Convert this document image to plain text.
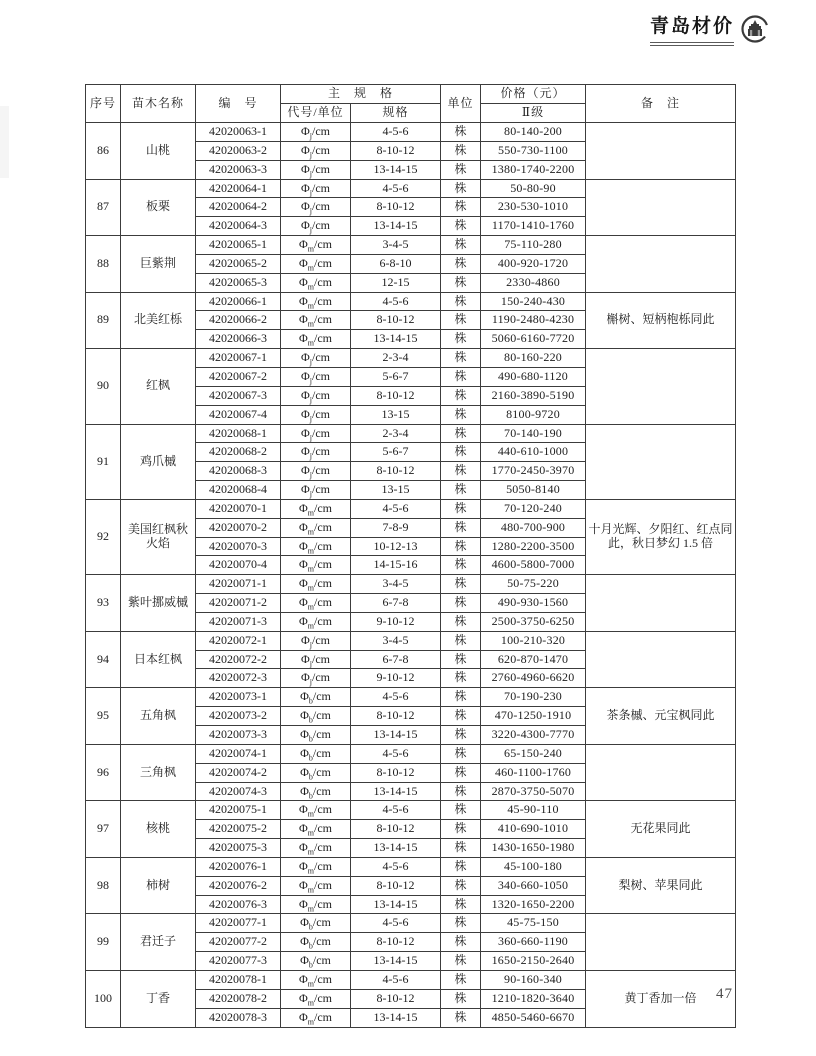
青岛材价
序号	苗木名称	编　号	主　规　格		单位	价格（元）	备　注
			代号/单位	规格		Ⅱ级	
86	山桃	42020063-1	$\Phi_j/cm$	4-5-6	株	80-140-200	
		42020063-2	$\Phi_j/cm$	8-10-12	株	550-730-1100	
		42020063-3	$\Phi_j/cm$	13-14-15	株	1380-1740-2200	
87	板栗	42020064-1	$\Phi_j/cm$	4-5-6	株	50-80-90	
		42020064-2	$\Phi_j/cm$	8-10-12	株	230-530-1010	
		42020064-3	$\Phi_j/cm$	13-14-15	株	1170-1410-1760	
88	巨紫荆	42020065-1	$\Phi_m/cm$	3-4-5	株	75-110-280	
		42020065-2	$\Phi_m/cm$	6-8-10	株	400-920-1720	
		42020065-3	$\Phi_m/cm$	12-15	株	2330-4860	
89	北美红栎	42020066-1	$\Phi_m/cm$	4-5-6	株	150-240-430	槲树、短柄枹栎同此
		42020066-2	$\Phi_m/cm$	8-10-12	株	1190-2480-4230	
		42020066-3	$\Phi_m/cm$	13-14-15	株	5060-6160-7720	
90	红枫	42020067-1	$\Phi_j/cm$	2-3-4	株	80-160-220	
		42020067-2	$\Phi_j/cm$	5-6-7	株	490-680-1120	
		42020067-3	$\Phi_j/cm$	8-10-12	株	2160-3890-5190	
		42020067-4	$\Phi_j/cm$	13-15	株	8100-9720	
91	鸡爪槭	42020068-1	$\Phi_j/cm$	2-3-4	株	70-140-190	
		42020068-2	$\Phi_j/cm$	5-6-7	株	440-610-1000	
		42020068-3	$\Phi_j/cm$	8-10-12	株	1770-2450-3970	
		42020068-4	$\Phi_j/cm$	13-15	株	5050-8140	
92	美国红枫秋火焰	42020070-1	$\Phi_m/cm$	4-5-6	株	70-120-240	十月光辉、夕阳红、红点同此，秋日梦幻 1.5 倍
		42020070-2	$\Phi_m/cm$	7-8-9	株	480-700-900	
		42020070-3	$\Phi_m/cm$	10-12-13	株	1280-2200-3500	
		42020070-4	$\Phi_m/cm$	14-15-16	株	4600-5800-7000	
93	紫叶挪威槭	42020071-1	$\Phi_m/cm$	3-4-5	株	50-75-220	
		42020071-2	$\Phi_m/cm$	6-7-8	株	490-930-1560	
		42020071-3	$\Phi_m/cm$	9-10-12	株	2500-3750-6250	
94	日本红枫	42020072-1	$\Phi_j/cm$	3-4-5	株	100-210-320	
		42020072-2	$\Phi_j/cm$	6-7-8	株	620-870-1470	
		42020072-3	$\Phi_j/cm$	9-10-12	株	2760-4960-6620	
95	五角枫	42020073-1	$\Phi_b/cm$	4-5-6	株	70-190-230	茶条槭、元宝枫同此
		42020073-2	$\Phi_b/cm$	8-10-12	株	470-1250-1910	
		42020073-3	$\Phi_b/cm$	13-14-15	株	3220-4300-7770	
96	三角枫	42020074-1	$\Phi_b/cm$	4-5-6	株	65-150-240	
		42020074-2	$\Phi_b/cm$	8-10-12	株	460-1100-1760	
		42020074-3	$\Phi_b/cm$	13-14-15	株	2870-3750-5070	
97	核桃	42020075-1	$\Phi_m/cm$	4-5-6	株	45-90-110	无花果同此
		42020075-2	$\Phi_m/cm$	8-10-12	株	410-690-1010	
		42020075-3	$\Phi_m/cm$	13-14-15	株	1430-1650-1980	
98	柿树	42020076-1	$\Phi_m/cm$	4-5-6	株	45-100-180	梨树、苹果同此
		42020076-2	$\Phi_m/cm$	8-10-12	株	340-660-1050	
		42020076-3	$\Phi_m/cm$	13-14-15	株	1320-1650-2200	
99	君迁子	42020077-1	$\Phi_b/cm$	4-5-6	株	45-75-150	
		42020077-2	$\Phi_b/cm$	8-10-12	株	360-660-1190	
		42020077-3	$\Phi_b/cm$	13-14-15	株	1650-2150-2640	
100	丁香	42020078-1	$\Phi_m/cm$	4-5-6	株	90-160-340	黄丁香加一倍
		42020078-2	$\Phi_m/cm$	8-10-12	株	1210-1820-3640	
		42020078-3	$\Phi_m/cm$	13-14-15	株	4850-5460-6670	
47
